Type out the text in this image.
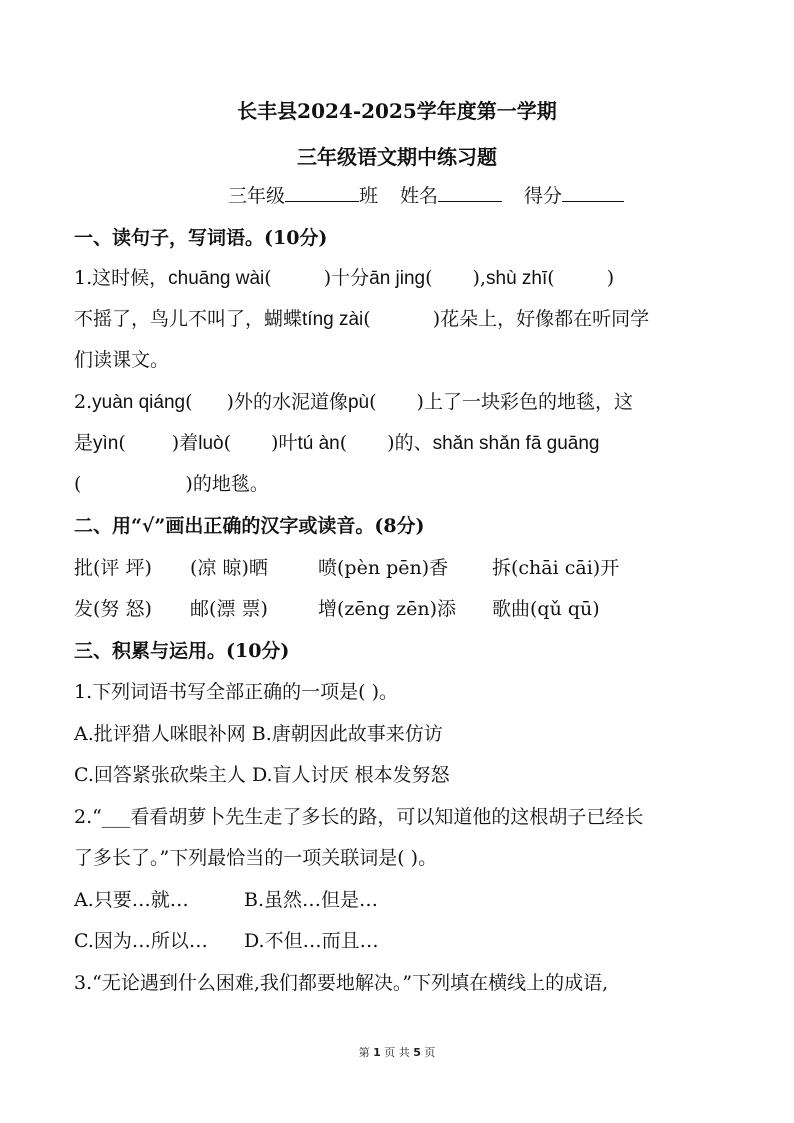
长丰县2024-2025学年度第一学期
三年级语文期中练习题
三年级	班 姓名	得分
一、读句子，写词语。(10分)
1.这时候，chuāng wài(	)十分ān jing( ),shù zhī(	)
不摇了，鸟儿不叫了，蝴蝶tíng zài(	)花朵上，好像都在听同学
们读课文。
2.yuàn qiáng( )外的水泥道像pù( )上了一块彩色的地毯，这
是yìn( )着luò( )叶tú àn( )的、shǎn shǎn fā guāng
(	)的地毯。
二、用“√”画出正确的汉字或读音。(8分)
批(评 坪) (凉 晾)晒	喷(pèn pēn)香 拆(chāi cāi)开
发(努 怒) 邮(漂 票)	增(zēng zēn)添 歌曲(qǔ qū)
三、积累与运用。(10分)
1.下列词语书写全部正确的一项是( )。
A.批评猎人咪眼补网 B.唐朝因此故事来仿访
C.回答紧张砍柴主人 D.盲人讨厌 根本发努怒
2.“___看看胡萝卜先生走了多长的路，可以知道他的这根胡子已经长
了多长了。”下列最恰当的一项关联词是( )。
A.只要…就…	B.虽然…但是…
C.因为…所以… D.不但…而且…
3.“无论遇到什么困难,我们都要地解决。”下列填在横线上的成语,
第 1 页 共 5 页
